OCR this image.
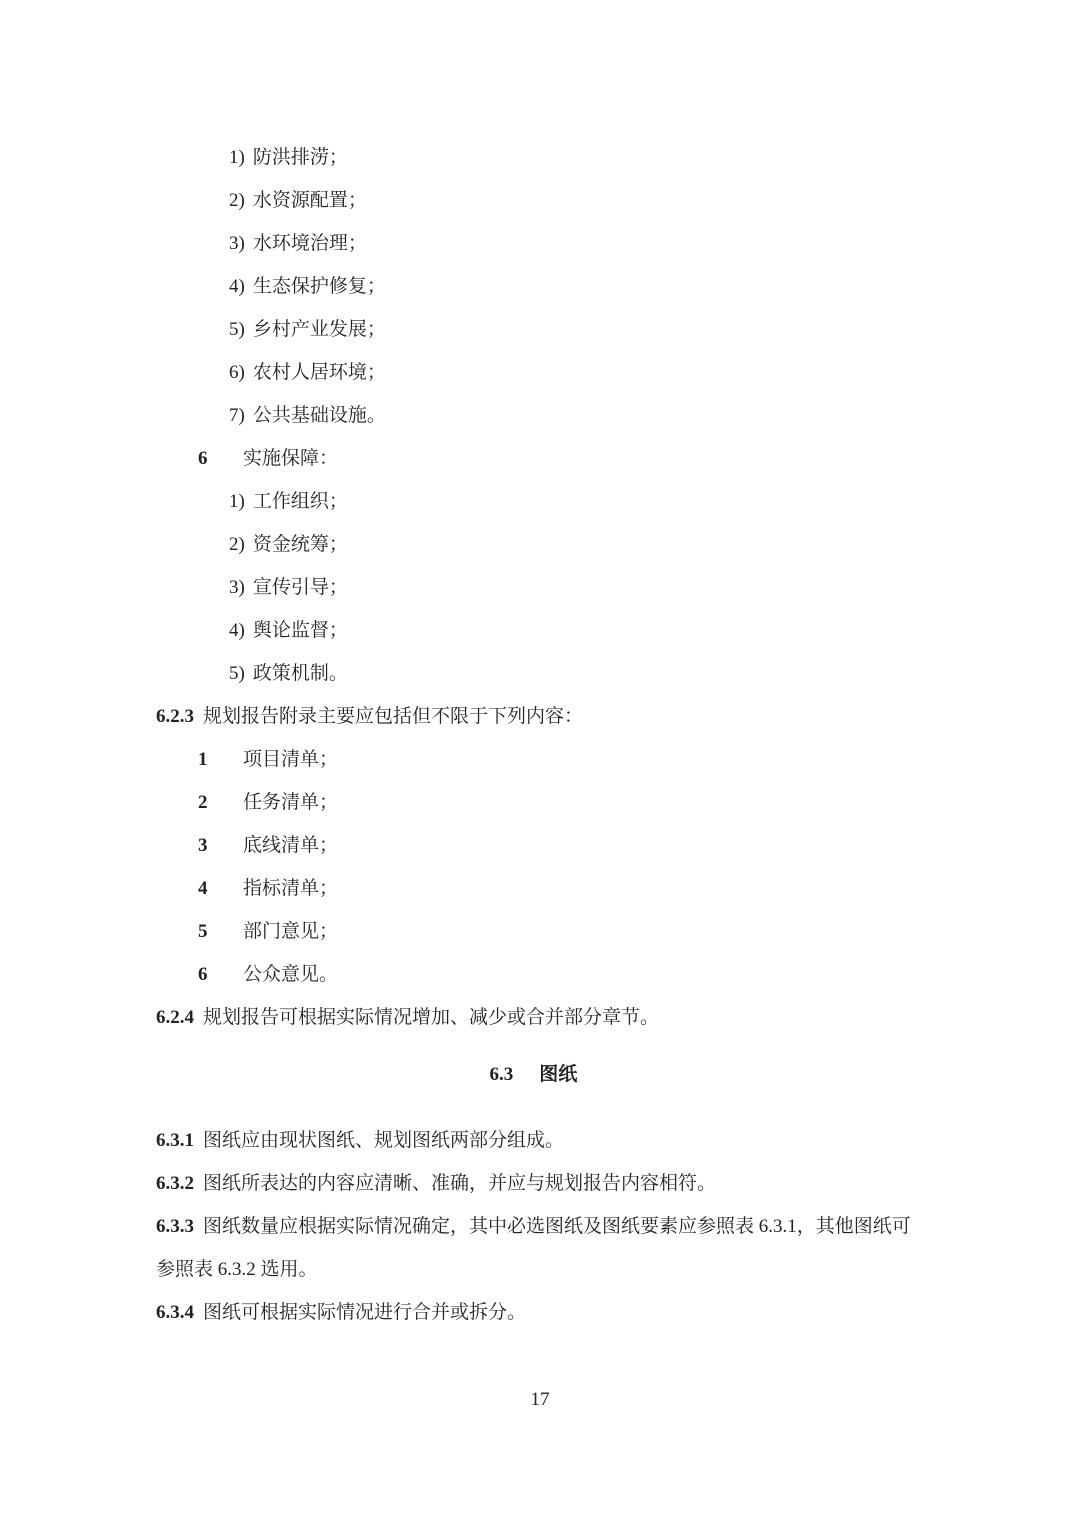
1) 防洪排涝；
2) 水资源配置；
3) 水环境治理；
4) 生态保护修复；
5) 乡村产业发展；
6) 农村人居环境；
7) 公共基础设施。
6 实施保障：
1) 工作组织；
2) 资金统筹；
3) 宣传引导；
4) 舆论监督；
5) 政策机制。
6.2.3 规划报告附录主要应包括但不限于下列内容：
1 项目清单；
2 任务清单；
3 底线清单；
4 指标清单；
5 部门意见；
6 公众意见。
6.2.4 规划报告可根据实际情况增加、减少或合并部分章节。
6.3 图纸
6.3.1 图纸应由现状图纸、规划图纸两部分组成。
6.3.2 图纸所表达的内容应清晰、准确，并应与规划报告内容相符。
6.3.3 图纸数量应根据实际情况确定，其中必选图纸及图纸要素应参照表 6.3.1，其他图纸可
参照表 6.3.2 选用。
6.3.4 图纸可根据实际情况进行合并或拆分。
17
